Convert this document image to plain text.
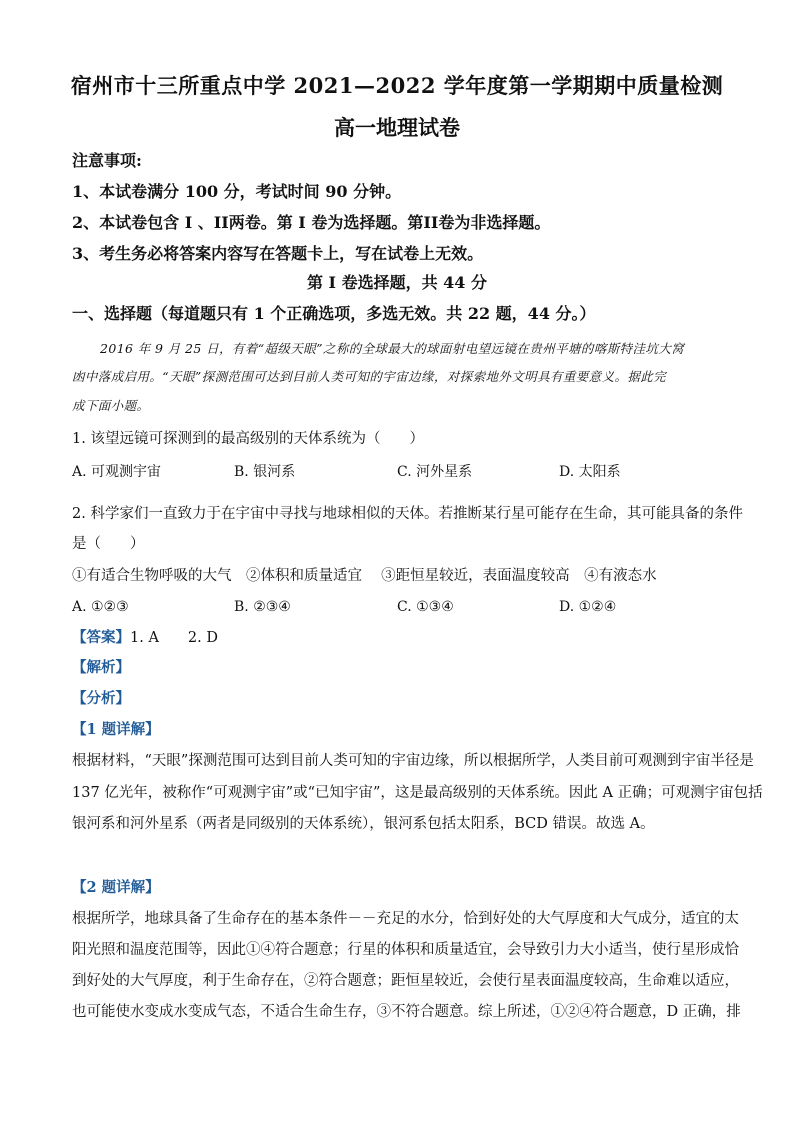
宿州市十三所重点中学 2021—2022 学年度第一学期期中质量检测
高一地理试卷
注意事项:
1、本试卷满分 100 分，考试时间 90 分钟。
2、本试卷包含 I 、II两卷。第 I 卷为选择题。第II卷为非选择题。
3、考生务必将答案内容写在答题卡上，写在试卷上无效。
第 I 卷选择题，共 44 分
一、选择题（每道题只有 1 个正确选项，多选无效。共 22 题，44 分。）
2016 年 9 月 25 日，有着“超级天眼”之称的全球最大的球面射电望远镜在贵州平塘的喀斯特洼坑大窝
凼中落成启用。“天眼”探测范围可达到目前人类可知的宇宙边缘，对探索地外文明具有重要意义。据此完
成下面小题。
1. 该望远镜可探测到的最高级别的天体系统为（　　）
A. 可观测宇宙	B. 银河系	C. 河外星系	D. 太阳系
2. 科学家们一直致力于在宇宙中寻找与地球相似的天体。若推断某行星可能存在生命，其可能具备的条件
是（　　）
①有适合生物呼吸的大气　②体积和质量适宜　 ③距恒星较近，表面温度较高　④有液态水
A. ①②③	B. ②③④	C. ①③④	D. ①②④
【答案】1. A　　2. D
【解析】
【分析】
【1 题详解】
根据材料，“天眼”探测范围可达到目前人类可知的宇宙边缘，所以根据所学，人类目前可观测到宇宙半径是
137 亿光年，被称作“可观测宇宙”或“已知宇宙”，这是最高级别的天体系统。因此 A 正确；可观测宇宙包括
银河系和河外星系（两者是同级别的天体系统），银河系包括太阳系，BCD 错误。故选 A。
【2 题详解】
根据所学，地球具备了生命存在的基本条件－－充足的水分，恰到好处的大气厚度和大气成分，适宜的太
阳光照和温度范围等，因此①④符合题意；行星的体积和质量适宜，会导致引力大小适当，使行星形成恰
到好处的大气厚度，利于生命存在，②符合题意；距恒星较近，会使行星表面温度较高，生命难以适应，
也可能使水变成水变成气态，不适合生命生存，③不符合题意。综上所述，①②④符合题意，D 正确，排
